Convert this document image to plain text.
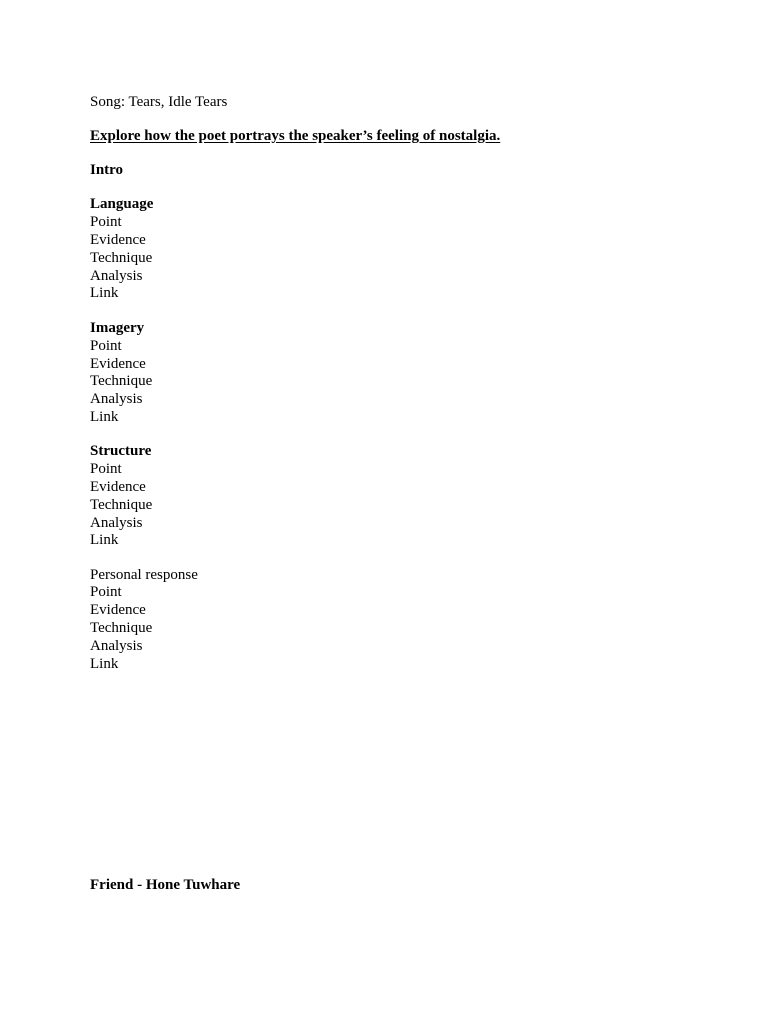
Song: Tears, Idle Tears
Explore how the poet portrays the speaker’s feeling of nostalgia.
Intro
Language
Point
Evidence
Technique
Analysis
Link
Imagery
Point
Evidence
Technique
Analysis
Link
Structure
Point
Evidence
Technique
Analysis
Link
Personal response
Point
Evidence
Technique
Analysis
Link
Friend - Hone Tuwhare
